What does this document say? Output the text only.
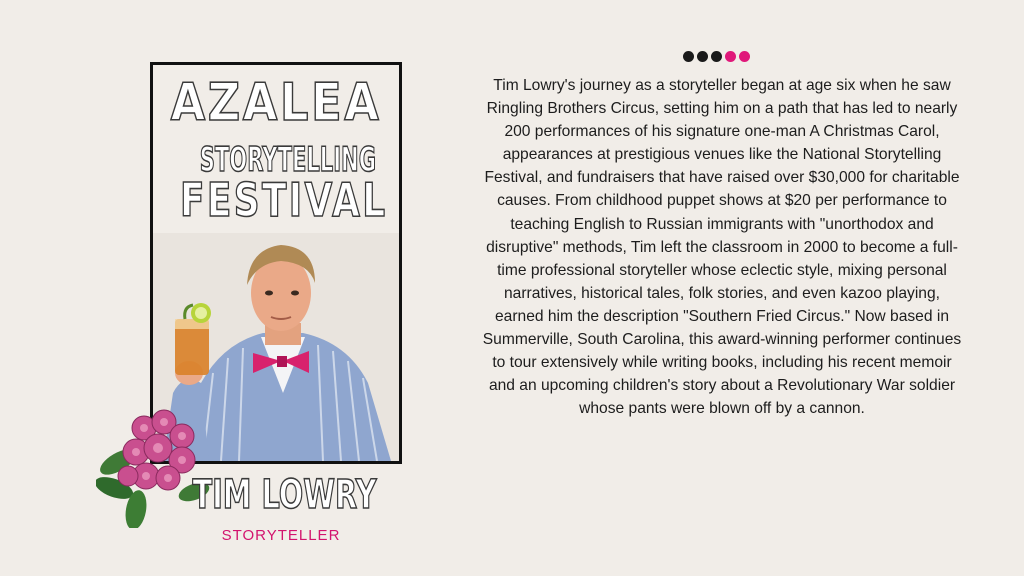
AZALEA
STORYTELLING
FESTIVAL
TIM LOWRY
STORYTELLER

Tim Lowry's journey as a storyteller began at age six when he saw Ringling Brothers Circus, setting him on a path that has led to nearly 200 performances of his signature one-man A Christmas Carol, appearances at prestigious venues like the National Storytelling Festival, and fundraisers that have raised over $30,000 for charitable causes. From childhood puppet shows at $20 per performance to teaching English to Russian immigrants with "unorthodox and disruptive" methods, Tim left the classroom in 2000 to become a full-time professional storyteller whose eclectic style, mixing personal narratives, historical tales, folk stories, and even kazoo playing, earned him the description "Southern Fried Circus." Now based in Summerville, South Carolina, this award-winning performer continues to tour extensively while writing books, including his recent memoir and an upcoming children's story about a Revolutionary War soldier whose pants were blown off by a cannon.
